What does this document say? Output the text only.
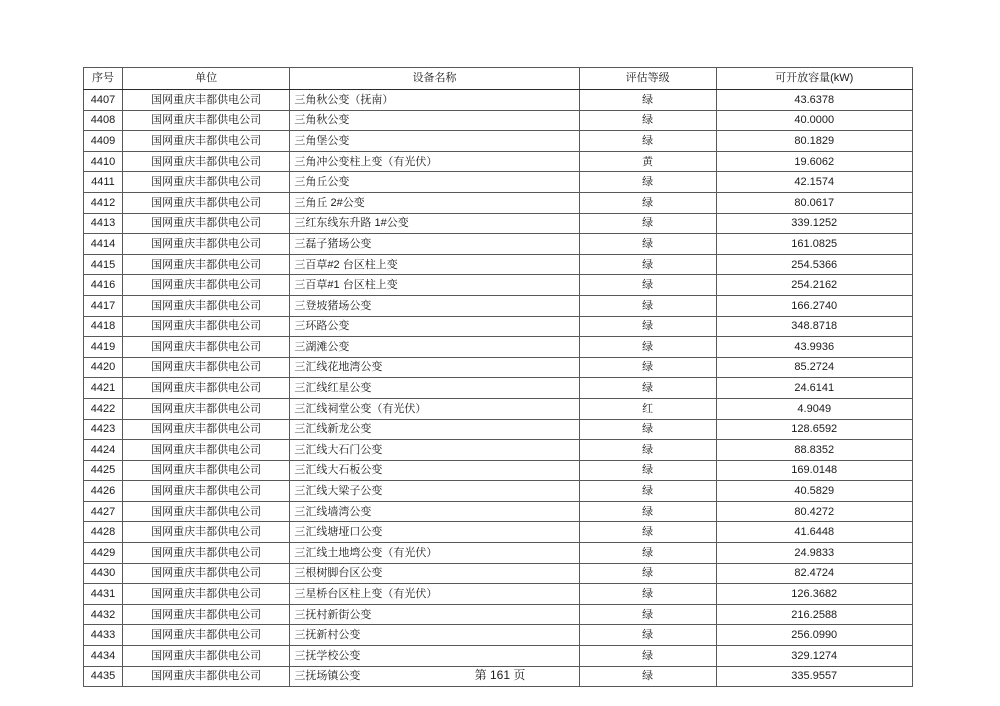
序号	单位	设备名称	评估等级	可开放容量(kW)
4407	国网重庆丰都供电公司	三角秋公变（抚南）	绿	43.6378
4408	国网重庆丰都供电公司	三角秋公变	绿	40.0000
4409	国网重庆丰都供电公司	三角堡公变	绿	80.1829
4410	国网重庆丰都供电公司	三角冲公变柱上变（有光伏）	黄	19.6062
4411	国网重庆丰都供电公司	三角丘公变	绿	42.1574
4412	国网重庆丰都供电公司	三角丘 2#公变	绿	80.0617
4413	国网重庆丰都供电公司	三红东线东升路 1#公变	绿	339.1252
4414	国网重庆丰都供电公司	三磊子猪场公变	绿	161.0825
4415	国网重庆丰都供电公司	三百草#2 台区柱上变	绿	254.5366
4416	国网重庆丰都供电公司	三百草#1 台区柱上变	绿	254.2162
4417	国网重庆丰都供电公司	三登坡猪场公变	绿	166.2740
4418	国网重庆丰都供电公司	三环路公变	绿	348.8718
4419	国网重庆丰都供电公司	三湖滩公变	绿	43.9936
4420	国网重庆丰都供电公司	三汇线花地湾公变	绿	85.2724
4421	国网重庆丰都供电公司	三汇线红星公变	绿	24.6141
4422	国网重庆丰都供电公司	三汇线祠堂公变（有光伏）	红	4.9049
4423	国网重庆丰都供电公司	三汇线新龙公变	绿	128.6592
4424	国网重庆丰都供电公司	三汇线大石门公变	绿	88.8352
4425	国网重庆丰都供电公司	三汇线大石板公变	绿	169.0148
4426	国网重庆丰都供电公司	三汇线大梁子公变	绿	40.5829
4427	国网重庆丰都供电公司	三汇线墙湾公变	绿	80.4272
4428	国网重庆丰都供电公司	三汇线塘垭口公变	绿	41.6448
4429	国网重庆丰都供电公司	三汇线土地塆公变（有光伏）	绿	24.9833
4430	国网重庆丰都供电公司	三根树脚台区公变	绿	82.4724
4431	国网重庆丰都供电公司	三星桥台区柱上变（有光伏）	绿	126.3682
4432	国网重庆丰都供电公司	三抚村新街公变	绿	216.2588
4433	国网重庆丰都供电公司	三抚新村公变	绿	256.0990
4434	国网重庆丰都供电公司	三抚学校公变	绿	329.1274
4435	国网重庆丰都供电公司	三抚场镇公变	绿	335.9557
第 161 页
